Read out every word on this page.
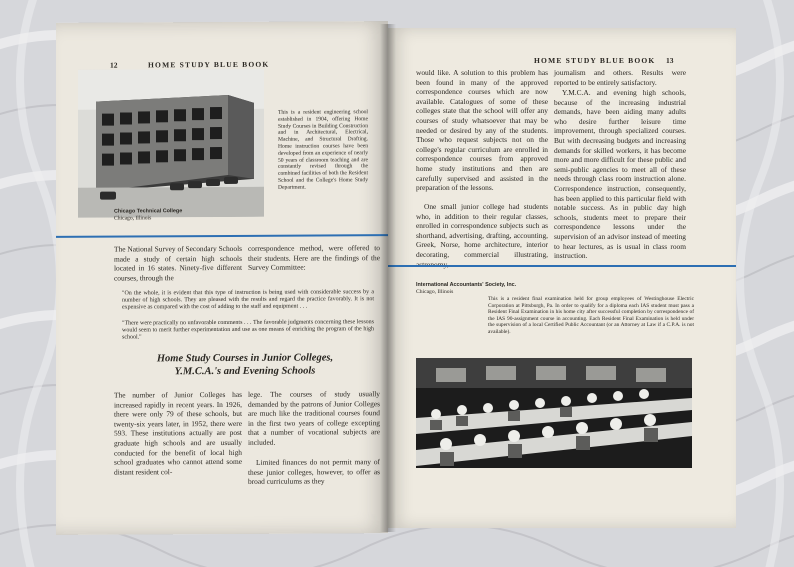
12	HOME STUDY BLUE BOOK
This is a resident engineering school established in 1904, offering Home Study Courses in Building Construction and in Architectural, Electrical, Machine, and Structural Drafting. Home instruction courses have been developed from an experience of nearly 50 years of classroom teaching and are constantly revised through the combined facilities of both the Resident School and the College's Home Study Department.
Chicago Technical College
Chicago, Illinois
The National Survey of Secondary Schools made a study of certain high schools located in 16 states. Ninety-five different courses, through the
correspondence method, were offered to their students. Here are the findings of the Survey Committee:
"On the whole, it is evident that this type of instruction is being used with considerable success by a number of high schools. They are pleased with the results and regard the practice favorably. It is not expensive as compared with the cost of adding to the staff and equipment . . .
"There were practically no unfavorable comments . . . The favorable judgments concerning these lessons would seem to merit further experimentation and use as one means of enriching the program of the high school."
Home Study Courses in Junior Colleges,
Y.M.C.A.'s and Evening Schools
The number of Junior Colleges has increased rapidly in recent years. In 1926, there were only 79 of these schools, but twenty-six years later, in 1952, there were 593. These institutions actually are post graduate high schools and are usually conducted for the benefit of local high school graduates who cannot attend some distant resident col-
lege. The courses of study usually demanded by the patrons of Junior Colleges are much like the traditional courses found in the first two years of college excepting that a number of vocational subjects are included.
Limited finances do not permit many of these junior colleges, however, to offer as broad curriculums as they
HOME STUDY BLUE BOOK 13
would like. A solution to this problem has been found in many of the approved correspondence courses which are now available. Catalogues of some of these colleges state that the school will offer any courses of study whatsoever that may be needed or desired by any of the students. Those who request subjects not on the college's regular curriculum are enrolled in correspondence courses from approved home study institutions and then are carefully supervised and assisted in the preparation of the lessons.
One small junior college had students who, in addition to their regular classes, enrolled in correspondence subjects such as shorthand, advertising, drafting, accounting, Greek, Norse, home architecture, interior decorating, commercial illustrating,
journalism and others. Results were reported to be entirely satisfactory.
Y.M.C.A. and evening high schools, because of the increasing industrial demands, have been aiding many adults who desire further leisure time improvement, through specialized courses. But with decreasing budgets and increasing demands for skilled workers, it has become more and more difficult for these public and semi-public agencies to meet all of these needs through class room instruction alone. Correspondence instruction, consequently, has been applied to this particular field with notable success. As in public day high schools, students meet to prepare their correspondence lessons under the supervision of an advisor instead of meeting to hear lectures, as is usual in class room instruction.
International Accountants' Society, Inc.
Chicago, Illinois
This is a resident final examination held for group employees of Westinghouse Electric Corporation at Pittsburgh, Pa. In order to qualify for a diploma each IAS student must pass a Resident Final Examination in his home city after successful completion by correspondence of the IAS 90-assignment course in accounting. Each Resident Final Examination is held under the supervision of a local Certified Public Accountant (or an Attorney at Law if a C.P.A. is not available).
